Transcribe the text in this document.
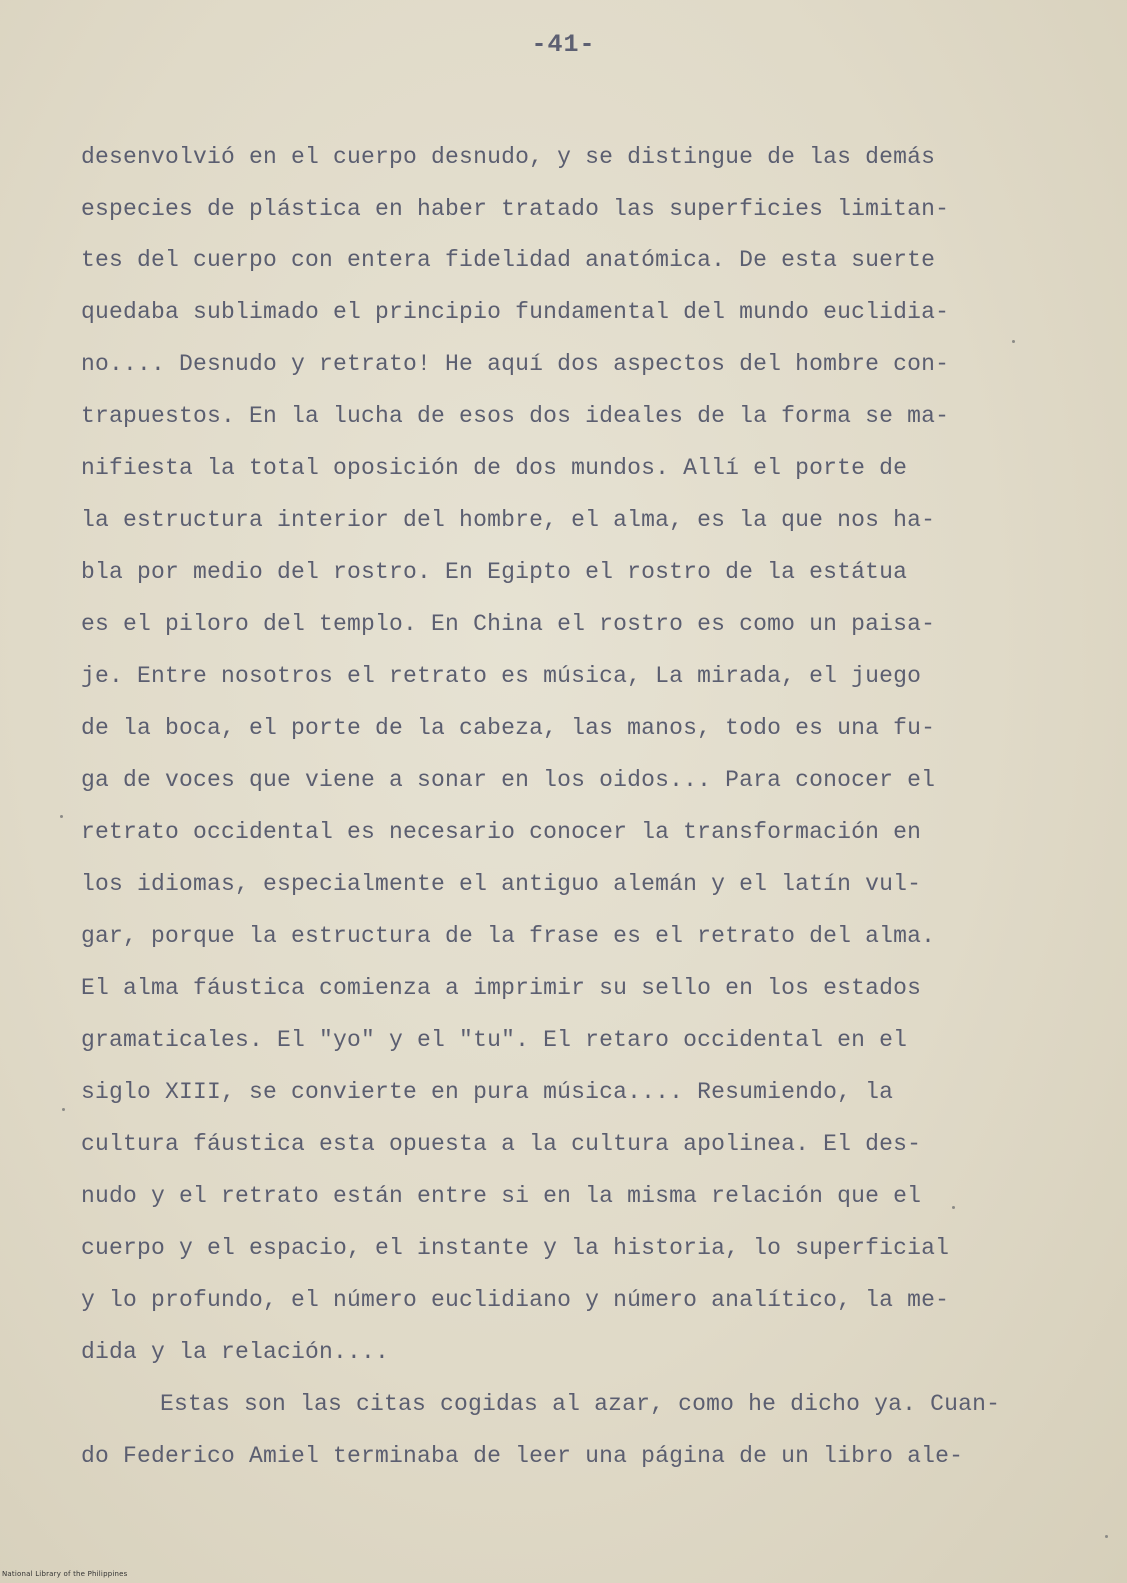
-41-

desenvolvió en el cuerpo desnudo, y se distingue de las demás

especies de plástica en haber tratado las superficies limitan-

tes del cuerpo con entera fidelidad anatómica. De esta suerte

quedaba sublimado el principio fundamental del mundo euclidia-

no.... Desnudo y retrato! He aquí dos aspectos del hombre con-

trapuestos. En la lucha de esos dos ideales de la forma se ma-

nifiesta la total oposición de dos mundos. Allí el porte de

la estructura interior del hombre, el alma, es la que nos ha-

bla por medio del rostro. En Egipto el rostro de la estátua

es el piloro del templo. En China el rostro es como un paisa-

je. Entre nosotros el retrato es música, La mirada, el juego

de la boca, el porte de la cabeza, las manos, todo es una fu-

ga de voces que viene a sonar en los oidos... Para conocer el

retrato occidental es necesario conocer la transformación en

los idiomas, especialmente el antiguo alemán y el latín vul-

gar, porque la estructura de la frase es el retrato del alma.

El alma fáustica comienza a imprimir su sello en los estados

gramaticales. El "yo" y el "tu". El retaro occidental en el

siglo XIII, se convierte en pura música.... Resumiendo, la

cultura fáustica esta opuesta a la cultura apolinea. El des-

nudo y el retrato están entre si en la misma relación que el

cuerpo y el espacio, el instante y la historia, lo superficial

y lo profundo, el número euclidiano y número analítico, la me-

dida y la relación....

Estas son las citas cogidas al azar, como he dicho ya. Cuan-

do Federico Amiel terminaba de leer una página de un libro ale-

National Library of the Philippines
